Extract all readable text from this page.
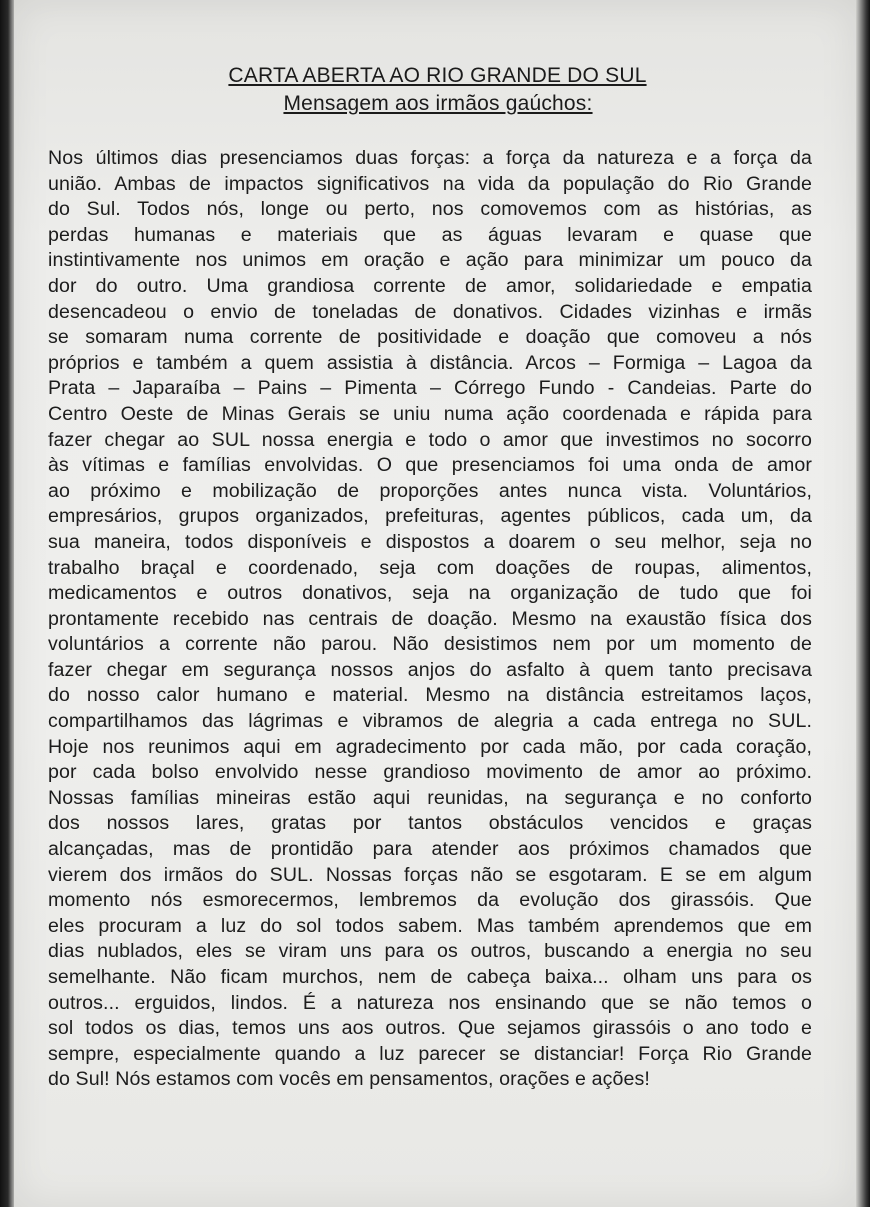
CARTA ABERTA AO RIO GRANDE DO SUL
Mensagem aos irmãos gaúchos:
Nos últimos dias presenciamos duas forças: a força da natureza e a força da
união. Ambas de impactos significativos na vida da população do Rio Grande
do Sul. Todos nós, longe ou perto, nos comovemos com as histórias, as
perdas humanas e materiais que as águas levaram e quase que
instintivamente nos unimos em oração e ação para minimizar um pouco da
dor do outro. Uma grandiosa corrente de amor, solidariedade e empatia
desencadeou o envio de toneladas de donativos. Cidades vizinhas e irmãs
se somaram numa corrente de positividade e doação que comoveu a nós
próprios e também a quem assistia à distância. Arcos – Formiga – Lagoa da
Prata – Japaraíba – Pains – Pimenta – Córrego Fundo - Candeias. Parte do
Centro Oeste de Minas Gerais se uniu numa ação coordenada e rápida para
fazer chegar ao SUL nossa energia e todo o amor que investimos no socorro
às vítimas e famílias envolvidas. O que presenciamos foi uma onda de amor
ao próximo e mobilização de proporções antes nunca vista. Voluntários,
empresários, grupos organizados, prefeituras, agentes públicos, cada um, da
sua maneira, todos disponíveis e dispostos a doarem o seu melhor, seja no
trabalho braçal e coordenado, seja com doações de roupas, alimentos,
medicamentos e outros donativos, seja na organização de tudo que foi
prontamente recebido nas centrais de doação. Mesmo na exaustão física dos
voluntários a corrente não parou. Não desistimos nem por um momento de
fazer chegar em segurança nossos anjos do asfalto à quem tanto precisava
do nosso calor humano e material. Mesmo na distância estreitamos laços,
compartilhamos das lágrimas e vibramos de alegria a cada entrega no SUL.
Hoje nos reunimos aqui em agradecimento por cada mão, por cada coração,
por cada bolso envolvido nesse grandioso movimento de amor ao próximo.
Nossas famílias mineiras estão aqui reunidas, na segurança e no conforto
dos nossos lares, gratas por tantos obstáculos vencidos e graças
alcançadas, mas de prontidão para atender aos próximos chamados que
vierem dos irmãos do SUL. Nossas forças não se esgotaram. E se em algum
momento nós esmorecermos, lembremos da evolução dos girassóis. Que
eles procuram a luz do sol todos sabem. Mas também aprendemos que em
dias nublados, eles se viram uns para os outros, buscando a energia no seu
semelhante. Não ficam murchos, nem de cabeça baixa... olham uns para os
outros... erguidos, lindos. É a natureza nos ensinando que se não temos o
sol todos os dias, temos uns aos outros. Que sejamos girassóis o ano todo e
sempre, especialmente quando a luz parecer se distanciar! Força Rio Grande
do Sul! Nós estamos com vocês em pensamentos, orações e ações!
